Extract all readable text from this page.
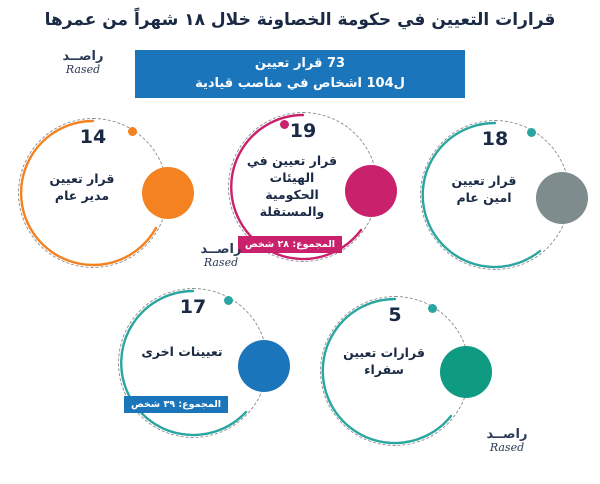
قرارات التعيين في حكومة الخصاونة خلال ١٨ شهراً من عمرها
راصــد
Rased	73 قرار تعيين
ل104 اشخاص في مناصب قيادية
14
قرار تعيين
مدير عام
19
قرار تعيين في
الهيئات
الحكومية
والمستقلة
المجموع: ٢٨ شخص
18
قرار تعيين
امين عام
17
تعيينات اخرى
المجموع: ٣٩ شخص
5
قرارات تعيين
سفراء
راصــد
Rased
راصــد
Rased
